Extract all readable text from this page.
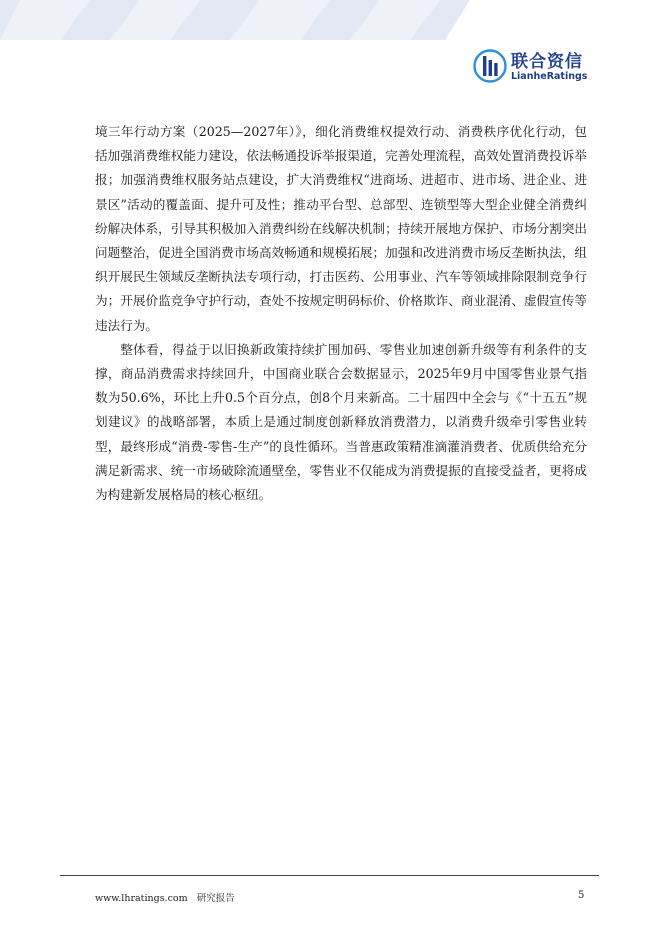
联合资信
LianheRatings

境三年行动方案（2025—2027年）》，细化消费维权提效行动、消费秩序优化行动，包括加强消费维权能力建设，依法畅通投诉举报渠道，完善处理流程，高效处置消费投诉举报；加强消费维权服务站点建设，扩大消费维权“进商场、进超市、进市场、进企业、进景区”活动的覆盖面、提升可及性；推动平台型、总部型、连锁型等大型企业健全消费纠纷解决体系，引导其积极加入消费纠纷在线解决机制；持续开展地方保护、市场分割突出问题整治，促进全国消费市场高效畅通和规模拓展；加强和改进消费市场反垄断执法，组织开展民生领域反垄断执法专项行动，打击医药、公用事业、汽车等领域排除限制竞争行为；开展价监竞争守护行动，查处不按规定明码标价、价格欺诈、商业混淆、虚假宣传等违法行为。

整体看，得益于以旧换新政策持续扩围加码、零售业加速创新升级等有利条件的支撑，商品消费需求持续回升，中国商业联合会数据显示，2025年9月中国零售业景气指数为50.6%，环比上升0.5个百分点，创8个月来新高。二十届四中全会与《“十五五”规划建议》的战略部署，本质上是通过制度创新释放消费潜力，以消费升级牵引零售业转型，最终形成“消费-零售-生产”的良性循环。当普惠政策精准滴灌消费者、优质供给充分满足新需求、统一市场破除流通壁垒，零售业不仅能成为消费提振的直接受益者，更将成为构建新发展格局的核心枢纽。

www.lhratings.com 研究报告	5
